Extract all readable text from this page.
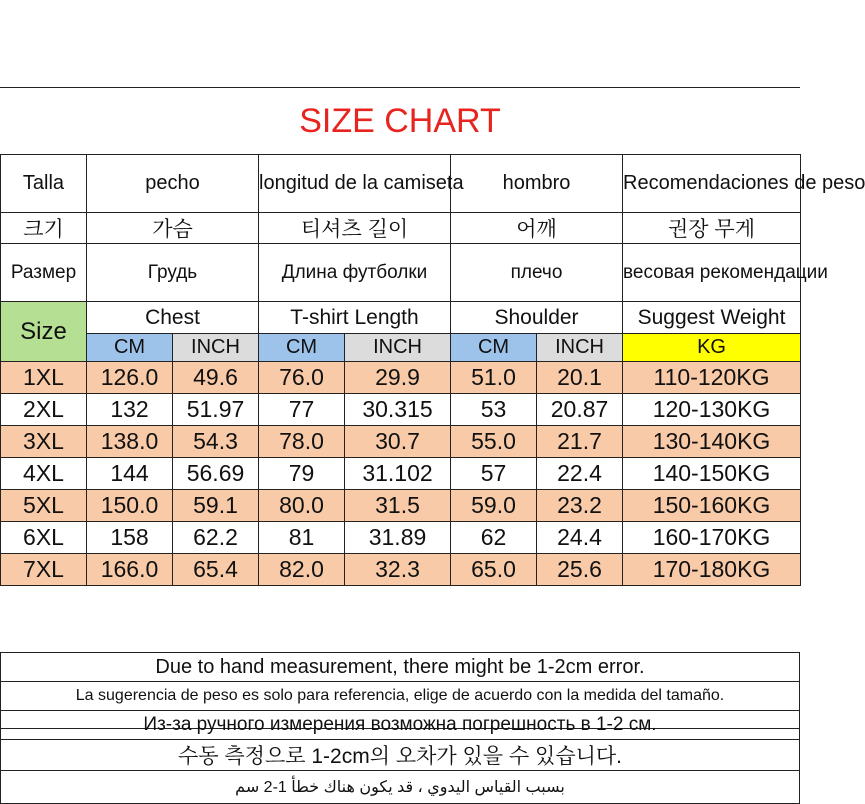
SIZE CHART
Talla	pecho		longitud de la camiseta		hombro		Recomendaciones de peso
크기	가슴		티셔츠 길이		어깨		권장 무게
Размер	Грудь		Длина футболки		плечо		весовая рекомендации
Size	Chest		T-shirt Length		Shoulder		Suggest Weight
	CM	INCH	CM	INCH	CM	INCH	KG
1XL	126.0	49.6	76.0	29.9	51.0	20.1	110-120KG
2XL	132	51.97	77	30.315	53	20.87	120-130KG
3XL	138.0	54.3	78.0	30.7	55.0	21.7	130-140KG
4XL	144	56.69	79	31.102	57	22.4	140-150KG
5XL	150.0	59.1	80.0	31.5	59.0	23.2	150-160KG
6XL	158	62.2	81	31.89	62	24.4	160-170KG
7XL	166.0	65.4	82.0	32.3	65.0	25.6	170-180KG
Due to hand measurement, there might be 1-2cm error.
La sugerencia de peso es solo para referencia, elige de acuerdo con la medida del tamaño.
Из-за ручного измерения возможна погрешность в 1-2 см.
수동 측정으로 1-2cm의 오차가 있을 수 있습니다.
بسبب القياس اليدوي ، قد يكون هناك خطأ 1-2 سم
